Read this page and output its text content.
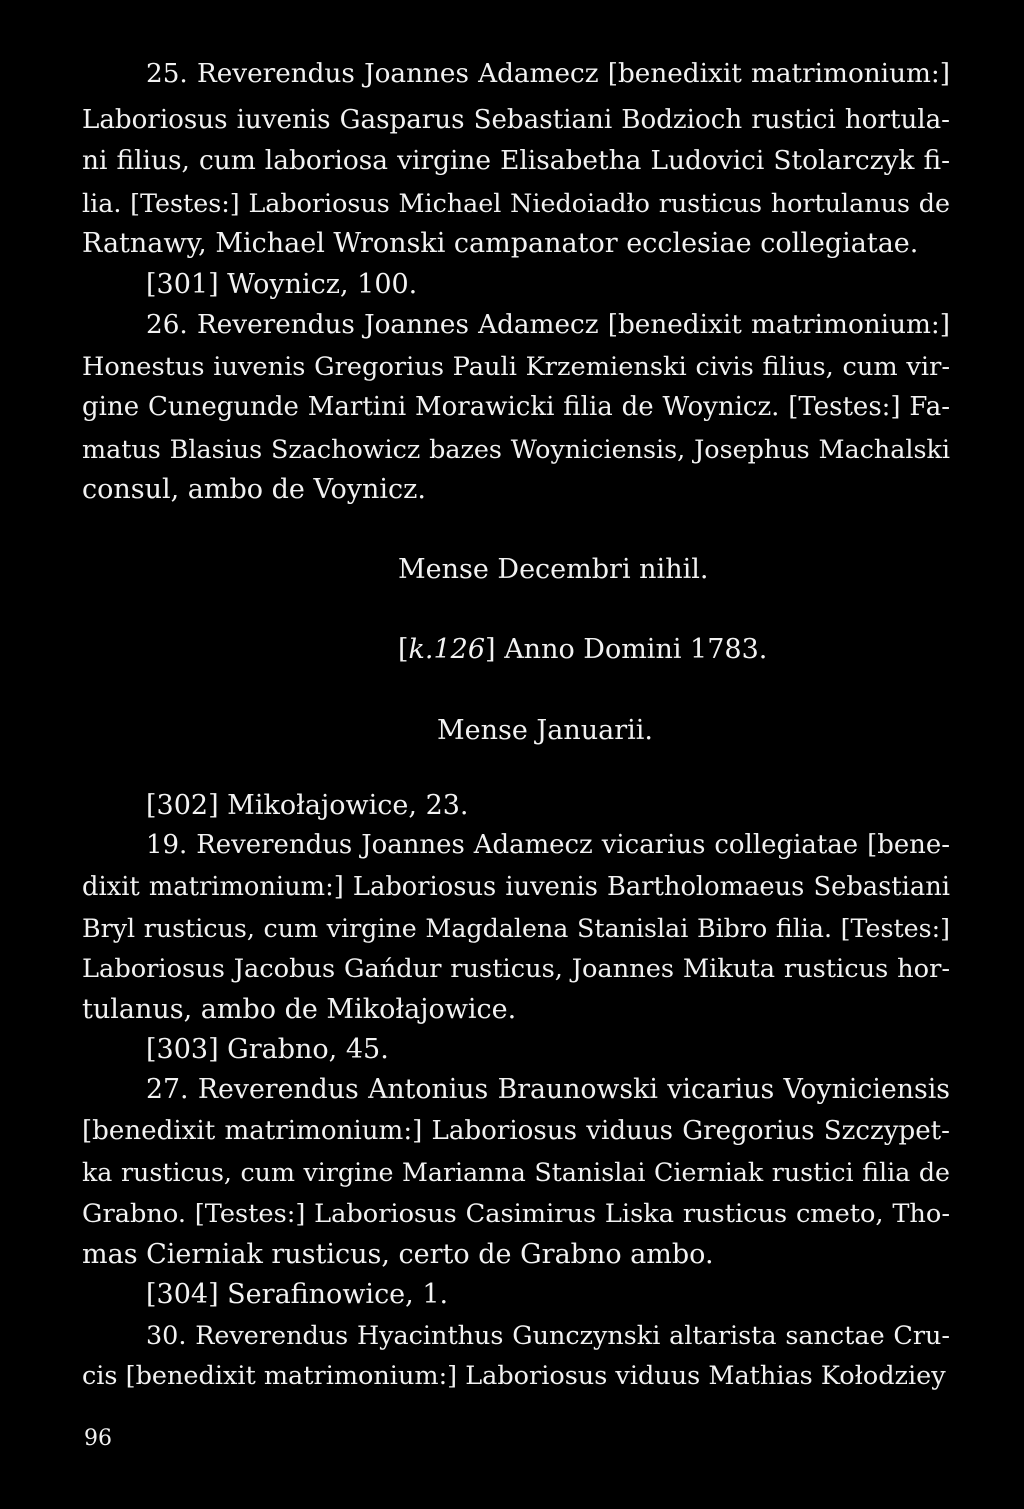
25. Reverendus Joannes Adamecz [benedixit matrimonium:]
Laboriosus iuvenis Gasparus Sebastiani Bodzioch rustici hortula-
ni filius, cum laboriosa virgine Elisabetha Ludovici Stolarczyk fi-
lia. [Testes:] Laboriosus Michael Niedoiadło rusticus hortulanus de
Ratnawy, Michael Wronski campanator ecclesiae collegiatae.
[301] Woynicz, 100.
26. Reverendus Joannes Adamecz [benedixit matrimonium:]
Honestus iuvenis Gregorius Pauli Krzemienski civis filius, cum vir-
gine Cunegunde Martini Morawicki filia de Woynicz. [Testes:] Fa-
matus Blasius Szachowicz bazes Woyniciensis, Josephus Machalski
consul, ambo de Voynicz.
Mense Decembri nihil.
[k.126] Anno Domini 1783.
Mense Januarii.
[302] Mikołajowice, 23.
19. Reverendus Joannes Adamecz vicarius collegiatae [bene-
dixit matrimonium:] Laboriosus iuvenis Bartholomaeus Sebastiani
Bryl rusticus, cum virgine Magdalena Stanislai Bibro filia. [Testes:]
Laboriosus Jacobus Gańdur rusticus, Joannes Mikuta rusticus hor-
tulanus, ambo de Mikołajowice.
[303] Grabno, 45.
27. Reverendus Antonius Braunowski vicarius Voyniciensis
[benedixit matrimonium:] Laboriosus viduus Gregorius Szczypet-
ka rusticus, cum virgine Marianna Stanislai Cierniak rustici filia de
Grabno. [Testes:] Laboriosus Casimirus Liska rusticus cmeto, Tho-
mas Cierniak rusticus, certo de Grabno ambo.
[304] Serafinowice, 1.
30. Reverendus Hyacinthus Gunczynski altarista sanctae Cru-
cis [benedixit matrimonium:] Laboriosus viduus Mathias Kołodziey
96
